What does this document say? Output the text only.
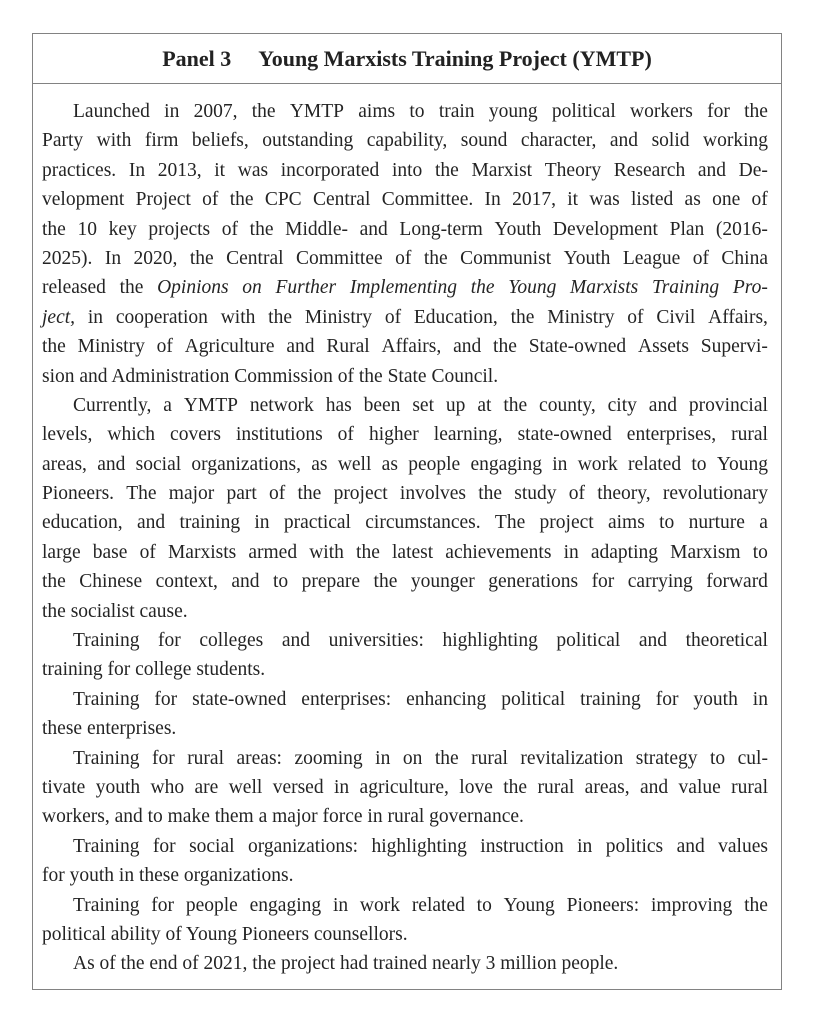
Panel 3 Young Marxists Training Project (YMTP)
Launched in 2007, the YMTP aims to train young political workers for the
Party with firm beliefs, outstanding capability, sound character, and solid working
practices. In 2013, it was incorporated into the Marxist Theory Research and De-
velopment Project of the CPC Central Committee. In 2017, it was listed as one of
the 10 key projects of the Middle- and Long-term Youth Development Plan (2016-
2025). In 2020, the Central Committee of the Communist Youth League of China
released the Opinions on Further Implementing the Young Marxists Training Pro-
ject, in cooperation with the Ministry of Education, the Ministry of Civil Affairs,
the Ministry of Agriculture and Rural Affairs, and the State-owned Assets Supervi-
sion and Administration Commission of the State Council.
Currently, a YMTP network has been set up at the county, city and provincial
levels, which covers institutions of higher learning, state-owned enterprises, rural
areas, and social organizations, as well as people engaging in work related to Young
Pioneers. The major part of the project involves the study of theory, revolutionary
education, and training in practical circumstances. The project aims to nurture a
large base of Marxists armed with the latest achievements in adapting Marxism to
the Chinese context, and to prepare the younger generations for carrying forward
the socialist cause.
Training for colleges and universities: highlighting political and theoretical
training for college students.
Training for state-owned enterprises: enhancing political training for youth in
these enterprises.
Training for rural areas: zooming in on the rural revitalization strategy to cul-
tivate youth who are well versed in agriculture, love the rural areas, and value rural
workers, and to make them a major force in rural governance.
Training for social organizations: highlighting instruction in politics and values
for youth in these organizations.
Training for people engaging in work related to Young Pioneers: improving the
political ability of Young Pioneers counsellors.
As of the end of 2021, the project had trained nearly 3 million people.
